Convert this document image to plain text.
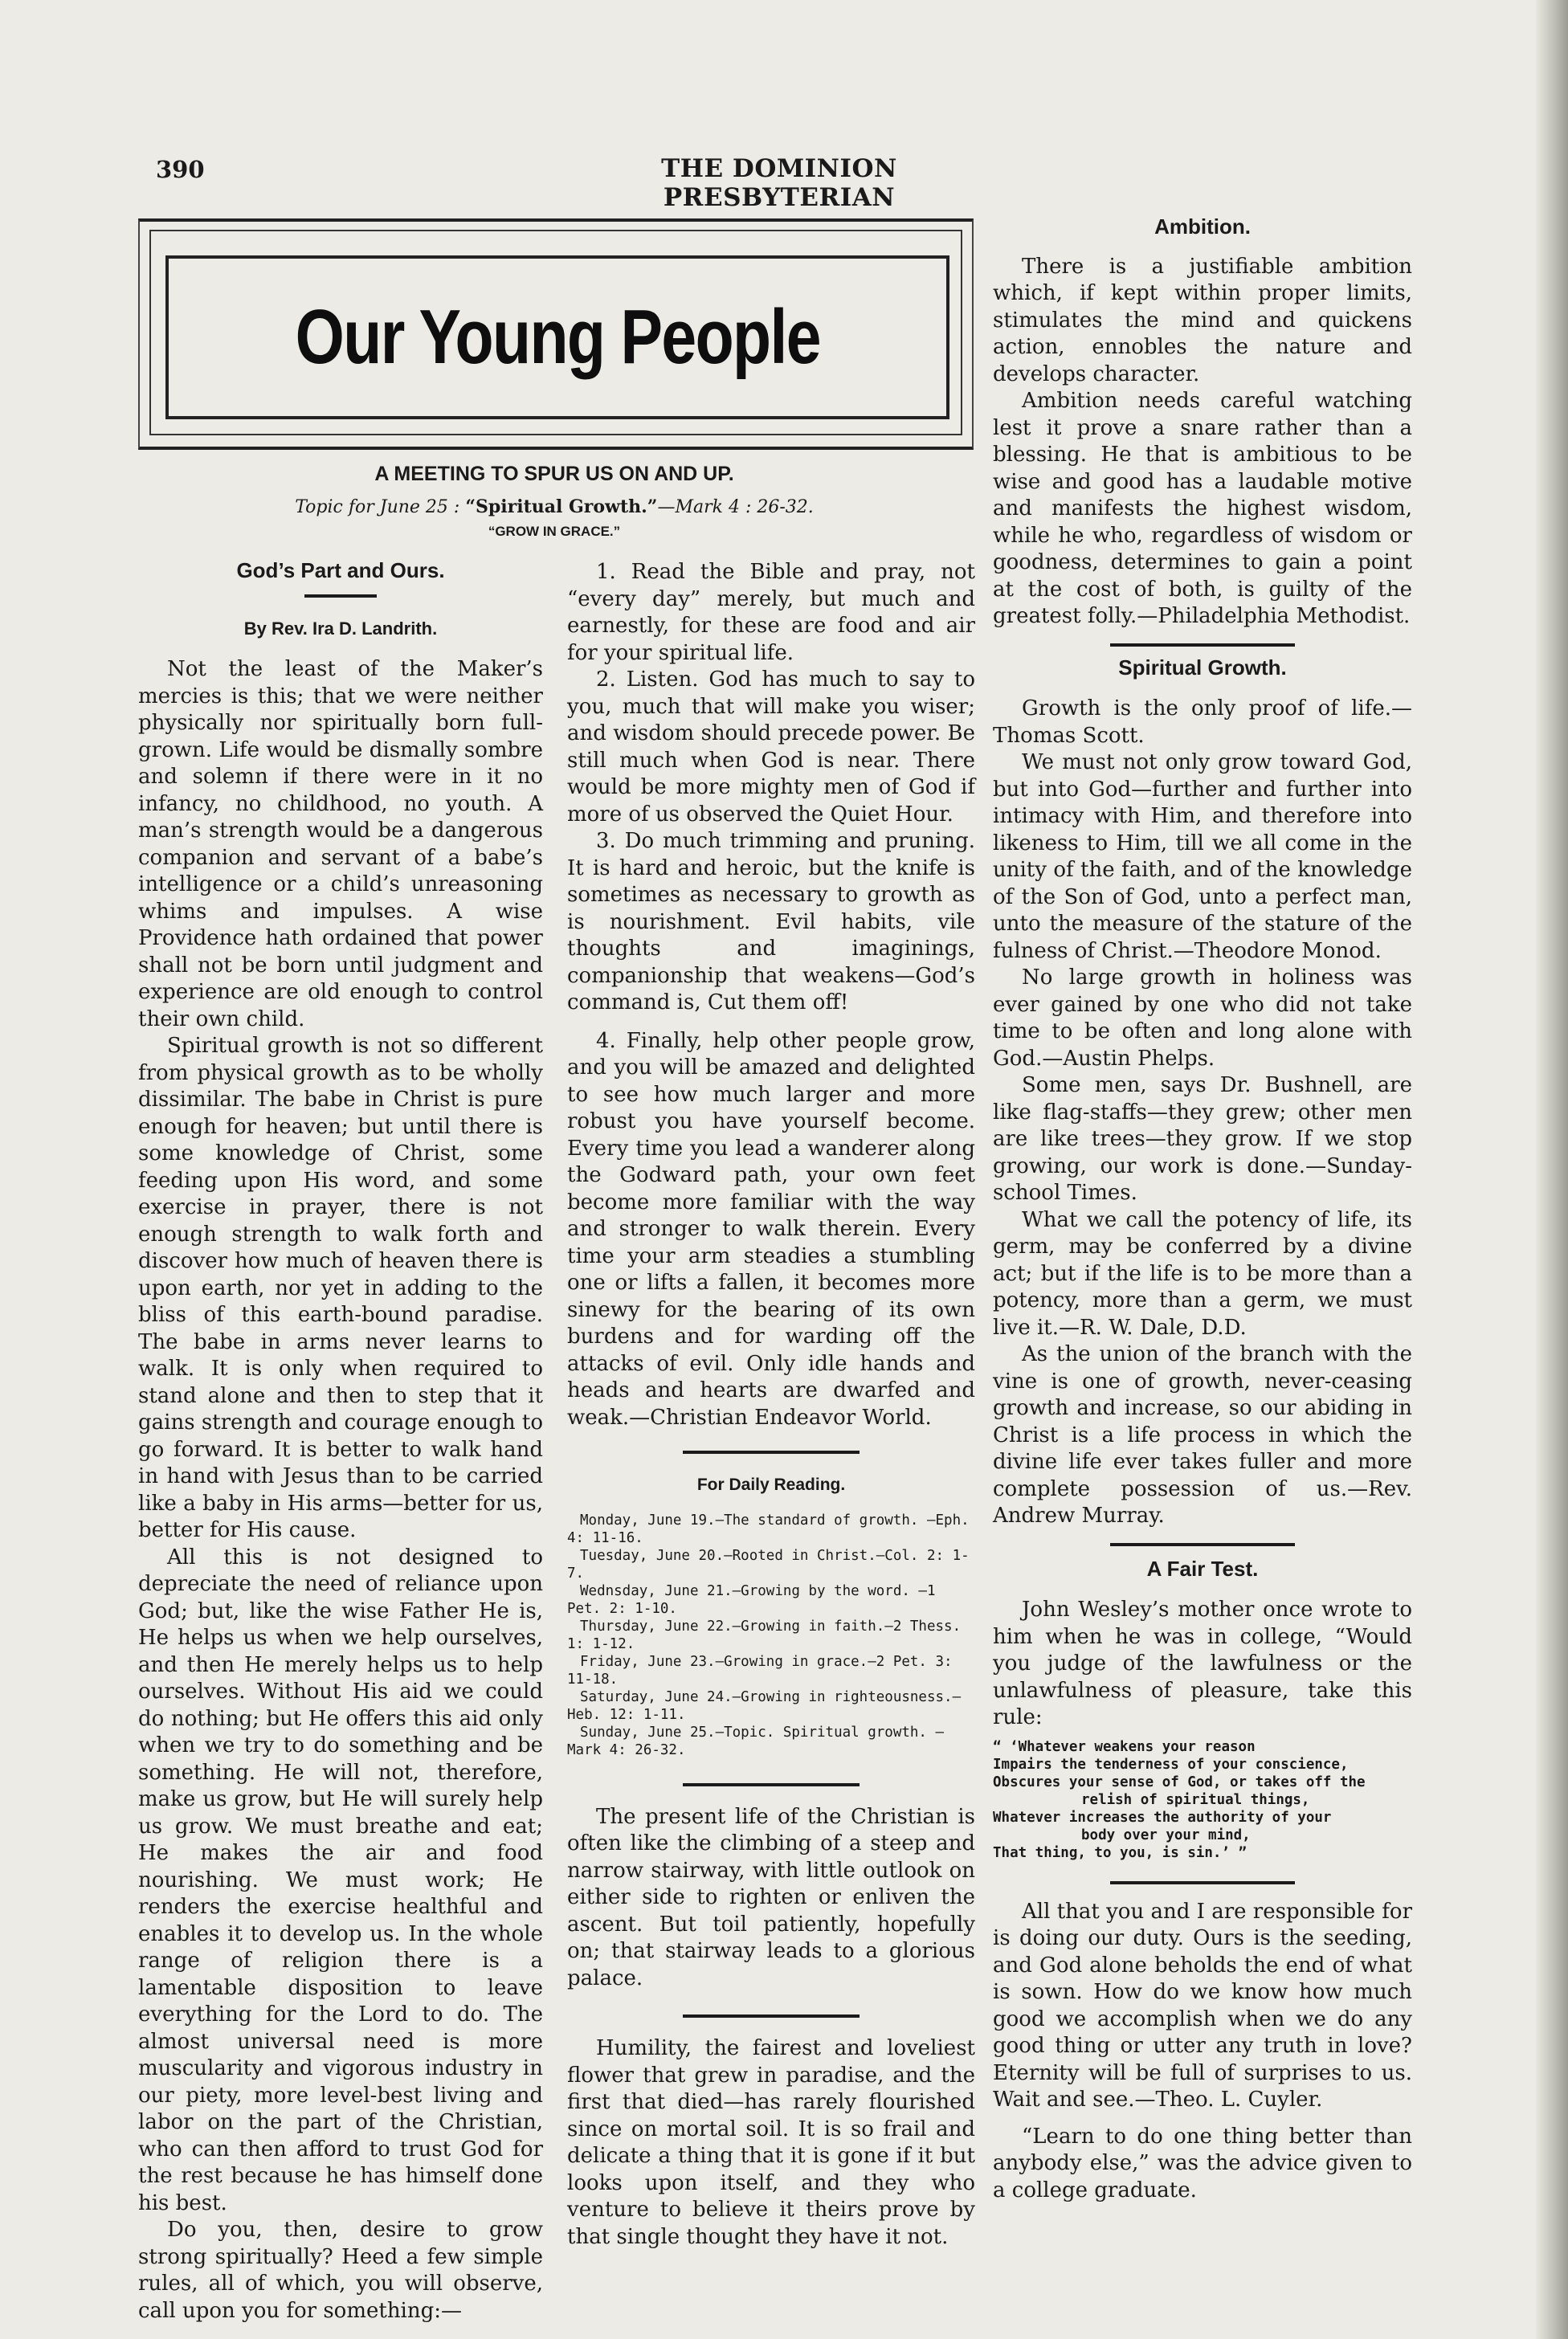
390	THE DOMINION PRESBYTERIAN
Our Young People
A MEETING TO SPUR US ON AND UP.
Topic for June 25 : “Spiritual Growth.”—Mark 4 : 26-32.
“GROW IN GRACE.”
God’s Part and Ours.
By Rev. Ira D. Landrith.

Not the least of the Maker’s mercies is this; that we were neither physically nor spiritually born full-grown. Life would be dismally sombre and solemn if there were in it no infancy, no childhood, no youth. A man’s strength would be a dangerous companion and servant of a babe’s intelligence or a child’s unreasoning whims and impulses. A wise Providence hath ordained that power shall not be born until judgment and experience are old enough to control their own child.

Spiritual growth is not so different from physical growth as to be wholly dissimilar. The babe in Christ is pure enough for heaven; but until there is some knowledge of Christ, some feeding upon His word, and some exercise in prayer, there is not enough strength to walk forth and discover how much of heaven there is upon earth, nor yet in adding to the bliss of this earth-bound paradise. The babe in arms never learns to walk. It is only when required to stand alone and then to step that it gains strength and courage enough to go forward. It is better to walk hand in hand with Jesus than to be carried like a baby in His arms—better for us, better for His cause.

All this is not designed to depreciate the need of reliance upon God; but, like the wise Father He is, He helps us when we help ourselves, and then He merely helps us to help ourselves. Without His aid we could do nothing; but He offers this aid only when we try to do something and be something. He will not, therefore, make us grow, but He will surely help us grow. We must breathe and eat; He makes the air and food nourishing. We must work; He renders the exercise healthful and enables it to develop us. In the whole range of religion there is a lamentable disposition to leave everything for the Lord to do. The almost universal need is more muscularity and vigorous industry in our piety, more level-best living and labor on the part of the Christian, who can then afford to trust God for the rest because he has himself done his best.

Do you, then, desire to grow strong spiritually? Heed a few simple rules, all of which, you will observe, call upon you for something:—

1. Read the Bible and pray, not “every day” merely, but much and earnestly, for these are food and air for your spiritual life.

2. Listen. God has much to say to you, much that will make you wiser; and wisdom should precede power. Be still much when God is near. There would be more mighty men of God if more of us observed the Quiet Hour.

3. Do much trimming and pruning. It is hard and heroic, but the knife is sometimes as necessary to growth as is nourishment. Evil habits, vile thoughts and imaginings, companionship that weakens—God’s command is, Cut them off!

4. Finally, help other people grow, and you will be amazed and delighted to see how much larger and more robust you have yourself become. Every time you lead a wanderer along the Godward path, your own feet become more familiar with the way and stronger to walk therein. Every time your arm steadies a stumbling one or lifts a fallen, it becomes more sinewy for the bearing of its own burdens and for warding off the attacks of evil. Only idle hands and heads and hearts are dwarfed and weak.—Christian Endeavor World.

For Daily Reading.
Monday, June 19.—The standard of growth. —Eph. 4: 11-16.
Tuesday, June 20.—Rooted in Christ.—Col. 2: 1-7.
Wednsday, June 21.—Growing by the word. —1 Pet. 2: 1-10.
Thursday, June 22.—Growing in faith.—2 Thess. 1: 1-12.
Friday, June 23.—Growing in grace.—2 Pet. 3: 11-18.
Saturday, June 24.—Growing in righteousness.—Heb. 12: 1-11.
Sunday, June 25.—Topic. Spiritual growth. —Mark 4: 26-32.

The present life of the Christian is often like the climbing of a steep and narrow stairway, with little outlook on either side to righten or enliven the ascent. But toil patiently, hopefully on; that stairway leads to a glorious palace.

Humility, the fairest and loveliest flower that grew in paradise, and the first that died—has rarely flourished since on mortal soil. It is so frail and delicate a thing that it is gone if it but looks upon itself, and they who venture to believe it theirs prove by that single thought they have it not.

Ambition.

There is a justifiable ambition which, if kept within proper limits, stimulates the mind and quickens action, ennobles the nature and develops character.

Ambition needs careful watching lest it prove a snare rather than a blessing. He that is ambitious to be wise and good has a laudable motive and manifests the highest wisdom, while he who, regardless of wisdom or goodness, determines to gain a point at the cost of both, is guilty of the greatest folly.—Philadelphia Methodist.

Spiritual Growth.

Growth is the only proof of life.—Thomas Scott.

We must not only grow toward God, but into God—further and further into intimacy with Him, and therefore into likeness to Him, till we all come in the unity of the faith, and of the knowledge of the Son of God, unto a perfect man, unto the measure of the stature of the fulness of Christ.—Theodore Monod.

No large growth in holiness was ever gained by one who did not take time to be often and long alone with God.—Austin Phelps.

Some men, says Dr. Bushnell, are like flag-staffs—they grew; other men are like trees—they grow. If we stop growing, our work is done.—Sunday-school Times.

What we call the potency of life, its germ, may be conferred by a divine act; but if the life is to be more than a potency, more than a germ, we must live it.—R. W. Dale, D.D.

As the union of the branch with the vine is one of growth, never-ceasing growth and increase, so our abiding in Christ is a life process in which the divine life ever takes fuller and more complete possession of us.—Rev. Andrew Murray.

A Fair Test.

John Wesley’s mother once wrote to him when he was in college, “Would you judge of the lawfulness or the unlawfulness of pleasure, take this rule:

“ ‘Whatever weakens your reason
Impairs the tenderness of your conscience,
Obscures your sense of God, or takes off the
relish of spiritual things,
Whatever increases the authority of your
body over your mind,
That thing, to you, is sin.’ ”

All that you and I are responsible for is doing our duty. Ours is the seeding, and God alone beholds the end of what is sown. How do we know how much good we accomplish when we do any good thing or utter any truth in love? Eternity will be full of surprises to us. Wait and see.—Theo. L. Cuyler.

“Learn to do one thing better than anybody else,” was the advice given to a college graduate.
